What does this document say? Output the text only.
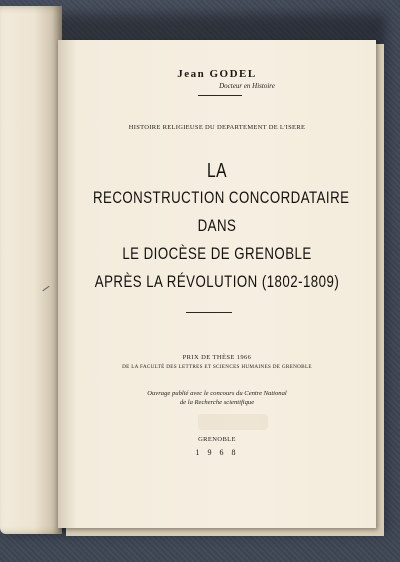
Jean GODEL
Docteur en Histoire
HISTOIRE RELIGIEUSE DU DEPARTEMENT DE L'ISERE
LA
RECONSTRUCTION CONCORDATAIRE
DANS
LE DIOCÈSE DE GRENOBLE
APRÈS LA RÉVOLUTION (1802-1809)
PRIX DE THÈSE 1966
DE LA FACULTÉ DES LETTRES ET SCIENCES HUMAINES DE GRENOBLE
Ouvrage publié avec le concours du Centre National
de la Recherche scientifique
GRENOBLE
1 9 6 8
